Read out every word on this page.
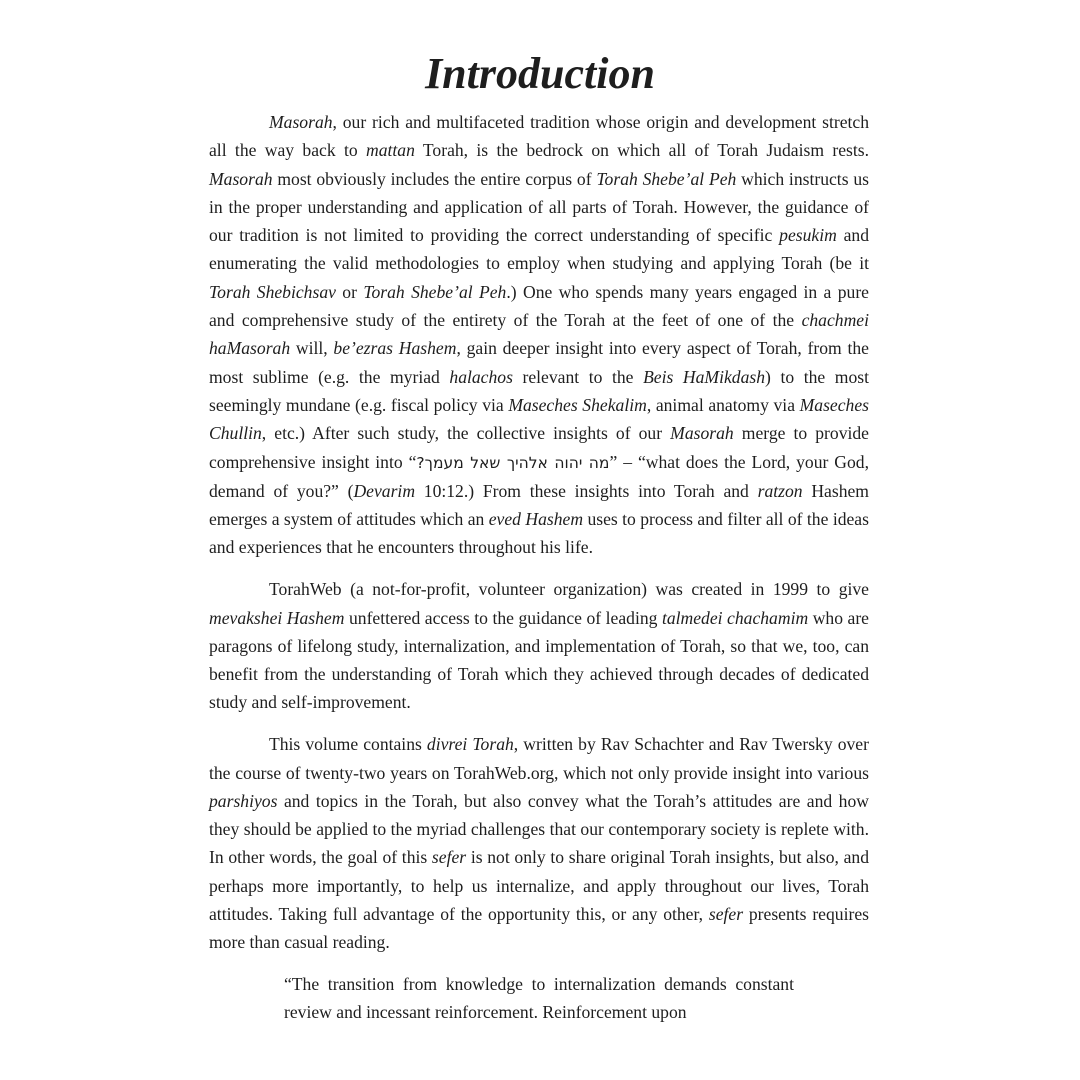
Introduction

Masorah, our rich and multifaceted tradition whose origin and development stretch all the way back to mattan Torah, is the bedrock on which all of Torah Judaism rests. Masorah most obviously includes the entire corpus of Torah Shebe’al Peh which instructs us in the proper understanding and application of all parts of Torah. However, the guidance of our tradition is not limited to providing the correct understanding of specific pesukim and enumerating the valid methodologies to employ when studying and applying Torah (be it Torah Shebichsav or Torah Shebe’al Peh.) One who spends many years engaged in a pure and comprehensive study of the entirety of the Torah at the feet of one of the chachmei haMasorah will, be’ezras Hashem, gain deeper insight into every aspect of Torah, from the most sublime (e.g. the myriad halachos relevant to the Beis HaMikdash) to the most seemingly mundane (e.g. fiscal policy via Maseches Shekalim, animal anatomy via Maseches Chullin, etc.) After such study, the collective insights of our Masorah merge to provide comprehensive insight into “מה יהוה אלהיך שאל מעמך?” – “what does the Lord, your God, demand of you?” (Devarim 10:12.) From these insights into Torah and ratzon Hashem emerges a system of attitudes which an eved Hashem uses to process and filter all of the ideas and experiences that he encounters throughout his life.

TorahWeb (a not-for-profit, volunteer organization) was created in 1999 to give mevakshei Hashem unfettered access to the guidance of leading talmedei chachamim who are paragons of lifelong study, internalization, and implementation of Torah, so that we, too, can benefit from the understanding of Torah which they achieved through decades of dedicated study and self-improvement.

This volume contains divrei Torah, written by Rav Schachter and Rav Twersky over the course of twenty-two years on TorahWeb.org, which not only provide insight into various parshiyos and topics in the Torah, but also convey what the Torah’s attitudes are and how they should be applied to the myriad challenges that our contemporary society is replete with. In other words, the goal of this sefer is not only to share original Torah insights, but also, and perhaps more importantly, to help us internalize, and apply throughout our lives, Torah attitudes. Taking full advantage of the opportunity this, or any other, sefer presents requires more than casual reading.

“The transition from knowledge to internalization demands constant review and incessant reinforcement. Reinforcement upon
